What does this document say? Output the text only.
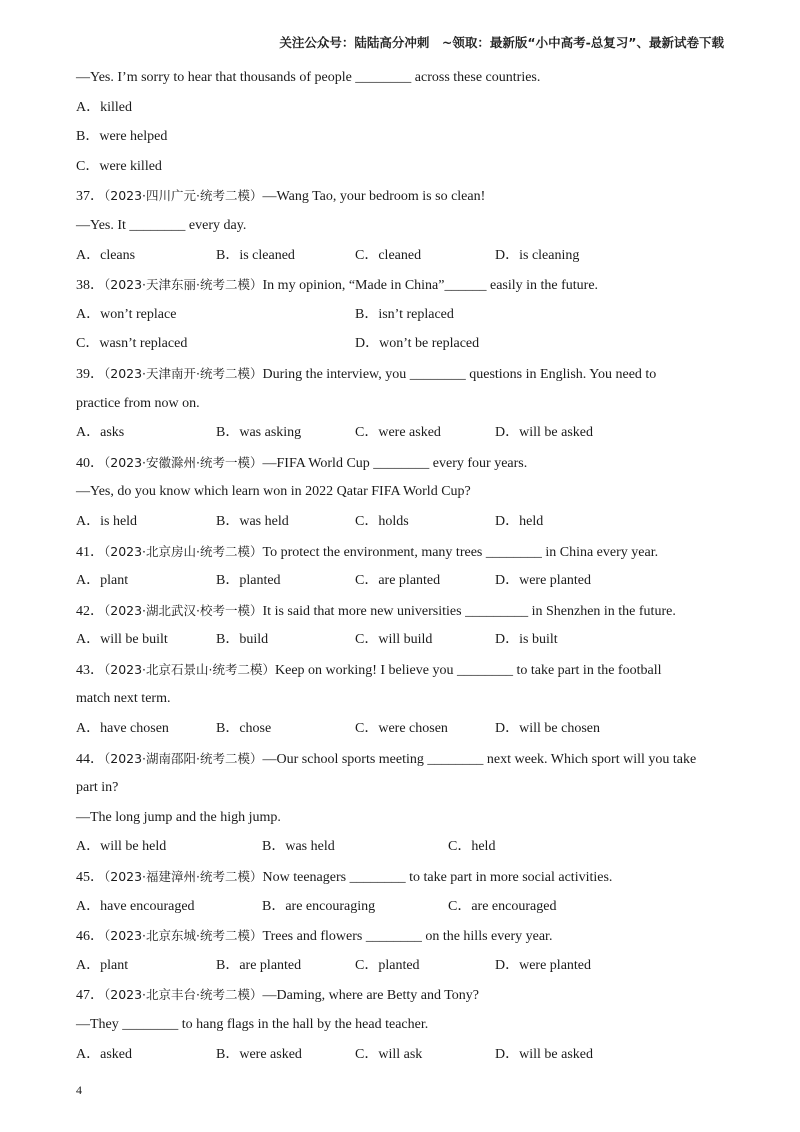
关注公众号：陆陆高分冲刺　~领取：最新版“小中高考-总复习”、最新试卷下载
—Yes. I’m sorry to hear that thousands of people ________ across these countries.
A．killed
B．were helped
C．were killed
37．（2023·四川广元·统考二模）—Wang Tao, your bedroom is so clean!
—Yes. It ________ every day.
A．cleans	B．is cleaned	C．cleaned	D．is cleaning
38．（2023·天津东丽·统考二模）In my opinion, “Made in China”______ easily in the future.
A．won’t replace	B．isn’t replaced
C．wasn’t replaced	D．won’t be replaced
39．（2023·天津南开·统考二模）During the interview, you ________ questions in English. You need to
practice from now on.
A．asks	B．was asking	C．were asked	D．will be asked
40．（2023·安徽滁州·统考一模）—FIFA World Cup ________ every four years.
—Yes, do you know which learn won in 2022 Qatar FIFA World Cup?
A．is held	B．was held	C．holds	D．held
41．（2023·北京房山·统考二模）To protect the environment, many trees ________ in China every year.
A．plant	B．planted	C．are planted	D．were planted
42．（2023·湖北武汉·校考一模）It is said that more new universities _________ in Shenzhen in the future.
A．will be built	B．build	C．will build	D．is built
43．（2023·北京石景山·统考二模）Keep on working! I believe you ________ to take part in the football
match next term.
A．have chosen	B．chose	C．were chosen	D．will be chosen
44．（2023·湖南邵阳·统考二模）—Our school sports meeting ________ next week. Which sport will you take
part in?
—The long jump and the high jump.
A．will be held	B．was held	C．held
45．（2023·福建漳州·统考二模）Now teenagers ________ to take part in more social activities.
A．have encouraged	B．are encouraging	C．are encouraged
46．（2023·北京东城·统考二模）Trees and flowers ________ on the hills every year.
A．plant	B．are planted	C．planted	D．were planted
47．（2023·北京丰台·统考二模）—Daming, where are Betty and Tony?
—They ________ to hang flags in the hall by the head teacher.
A．asked	B．were asked	C．will ask	D．will be asked
4
